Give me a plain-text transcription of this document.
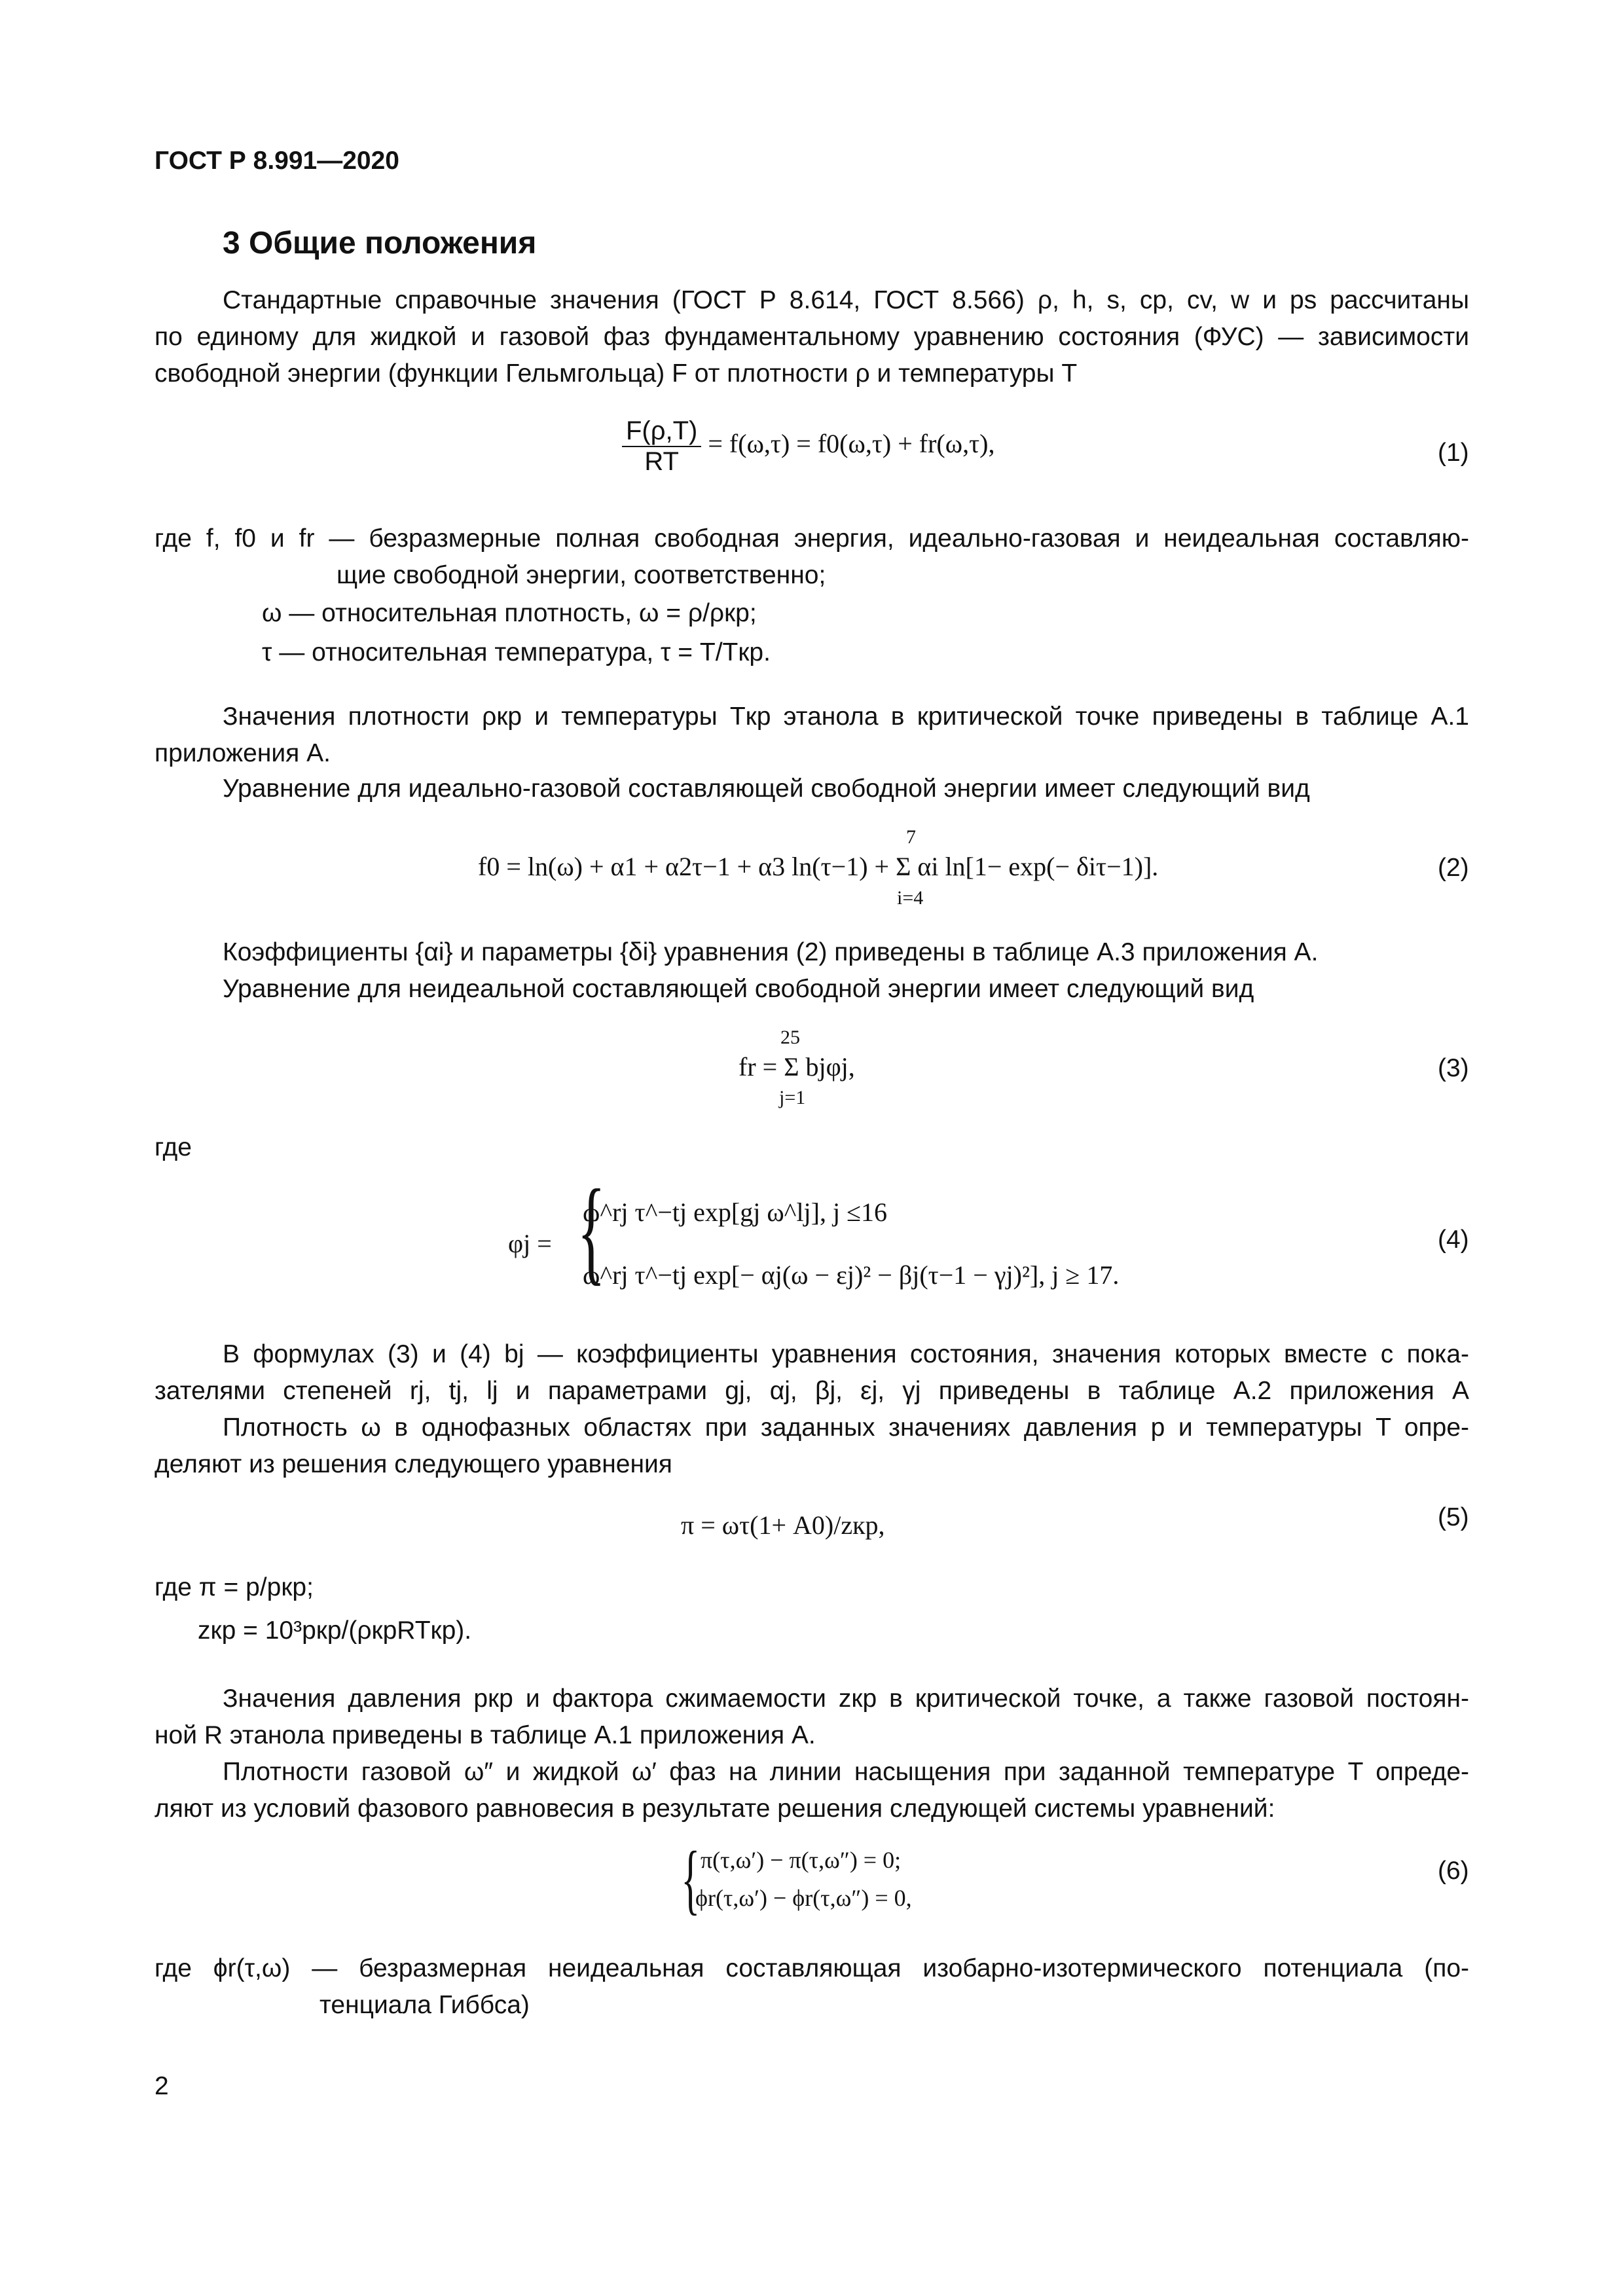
ГОСТ Р 8.991—2020
3 Общие положения
Стандартные справочные значения (ГОСТ Р 8.614, ГОСТ 8.566) ρ, h, s, cp, cv, w и ps рассчитаны
по единому для жидкой и газовой фаз фундаментальному уравнению состояния (ФУС) — зависимости
свободной энергии (функции Гельмгольца) F от плотности ρ и температуры T
$\frac{F(\rho,T)}{RT} = f(\omega,\tau) = f0(\omega,\tau) + fr(\omega,\tau)$,	(1)
где f, f0 и fr — безразмерные полная свободная энергия, идеально-газовая и неидеальная составляю-
щие свободной энергии, соответственно;
ω — относительная плотность, ω = ρ/ρкр;
τ — относительная температура, τ = T/Tкр.
Значения плотности ρкр и температуры Tкр этанола в критической точке приведены в таблице А.1
приложения А.
Уравнение для идеально-газовой составляющей свободной энергии имеет следующий вид
7
f0 = ln(ω) + α1 + α2τ−1 + α3 ln(τ−1) + Σ αi ln[1− exp(− δiτ−1)].
i=4
(2)
Коэффициенты {αi} и параметры {δi} уравнения (2) приведены в таблице А.3 приложения А.
Уравнение для неидеальной составляющей свободной энергии имеет следующий вид
25
fr = Σ bjφj,
j=1
(3)
где
φj = {
ω^rj τ^−tj exp[gj ω^lj], j ≤16
ω^rj τ^−tj exp[− αj(ω − εj)² − βj(τ−1 − γj)²], j ≥ 17.
(4)
В формулах (3) и (4) bj — коэффициенты уравнения состояния, значения которых вместе с пока-
зателями степеней rj, tj, lj и параметрами gj, αj, βj, εj, γj приведены в таблице А.2 приложения А
Плотность ω в однофазных областях при заданных значениях давления p и температуры T опре-
деляют из решения следующего уравнения
π = ωτ(1+ A0)/zкр,	(5)
где π = p/pкр;
zкр = 10³pкр/(ρкрRTкр).
Значения давления pкр и фактора сжимаемости zкр в критической точке, а также газовой постоян-
ной R этанола приведены в таблице А.1 приложения А.
Плотности газовой ω″ и жидкой ω′ фаз на линии насыщения при заданной температуре T опреде-
ляют из условий фазового равновесия в результате решения следующей системы уравнений:
{ π(τ,ω′) − π(τ,ω″) = 0;
ϕr(τ,ω′) − ϕr(τ,ω″) = 0,
(6)
где ϕr(τ,ω) — безразмерная неидеальная составляющая изобарно-изотермического потенциала (по-
тенциала Гиббса)
2
